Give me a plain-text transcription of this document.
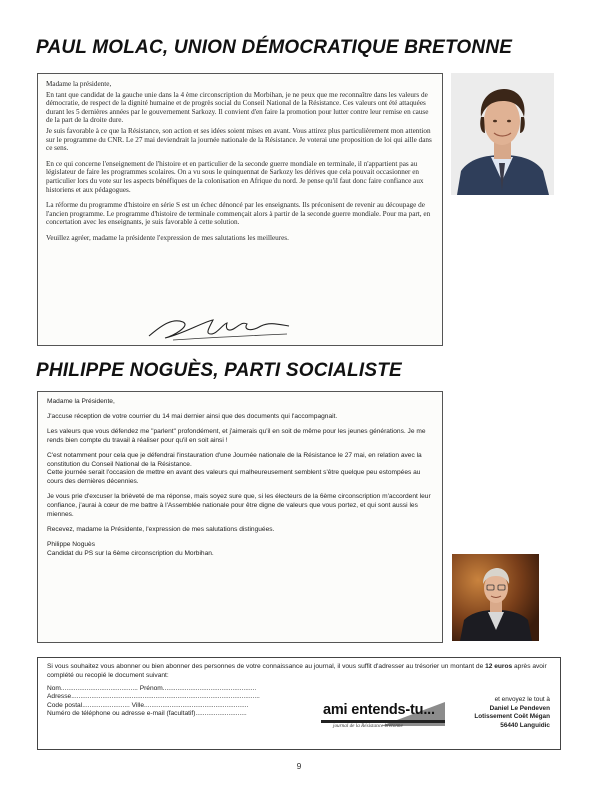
PAUL MOLAC, UNION DÉMOCRATIQUE BRETONNE

Madame la présidente,

En tant que candidat de la gauche unie dans la 4 ème circonscription du Morbihan, je ne peux que me reconnaître dans les valeurs de démocratie, de respect de la dignité humaine et de progrès social du Conseil National de la Résistance. Ces valeurs ont été attaquées durant les 5 dernières années par le gouvernement Sarkozy. Il convient d'en faire la promotion pour lutter contre leur remise en cause de la part de la droite dure.

Je suis favorable à ce que la Résistance, son action et ses idées soient mises en avant. Vous attirez plus particulièrement mon attention sur le programme du CNR. Le 27 mai deviendrait la journée nationale de la Résistance. Je voterai une proposition de loi qui aille dans ce sens.

En ce qui concerne l'enseignement de l'histoire et en particulier de la seconde guerre mondiale en terminale, il n'appartient pas au législateur de faire les programmes scolaires. On a vu sous le quinquennat de Sarkozy les dérives que cela pouvait occasionner en particulier lors du vote sur les aspects bénéfiques de la colonisation en Afrique du nord. Je pense qu'il faut donc faire confiance aux historiens et aux pédagogues.

La réforme du programme d'histoire en série S est un échec dénoncé par les enseignants. Ils préconisent de revenir au découpage de l'ancien programme. Le programme d'histoire de terminale commençait alors à partir de la seconde guerre mondiale. Pour ma part, en concertation avec les enseignants, je suis favorable à cette solution.

Veuillez agréer, madame la présidente l'expression de mes salutations les meilleures.

PHILIPPE NOGUÈS, PARTI SOCIALISTE

Madame la Présidente,

J'accuse réception de votre courrier du 14 mai dernier ainsi que des documents qui l'accompagnait.

Les valeurs que vous défendez me "parlent" profondément, et j'aimerais qu'il en soit de même pour les jeunes générations. Je me rends bien compte du travail à réaliser pour qu'il en soit ainsi !

C'est notamment pour cela que je défendrai l'instauration d'une Journée nationale de la Résistance le 27 mai, en relation avec la constitution du Conseil National de la Résistance.

Cette journée serait l'occasion de mettre en avant des valeurs qui malheureusement semblent s'être quelque peu estompées au cours des dernières décennies.

Je vous prie d'excuser la brièveté de ma réponse, mais soyez sure que, si les électeurs de la 6ème circonscription m'accordent leur confiance, j'aurai à cœur de me battre à l'Assemblée nationale pour être digne de valeurs que vous portez, et qui sont aussi les miennes.

Recevez, madame la Présidente, l'expression de mes salutations distinguées.

Philippe Noguès

Candidat du PS sur la 6ème circonscription du Morbihan.

Si vous souhaitez vous abonner ou bien abonner des personnes de votre connaissance au journal, il vous suffit d'adresser au trésorier un montant de 12 euros après avoir complété ou recopié le document suivant:
Nom.......................................... Prénom...................................................
Adresse.......................................................................................................
Code postal.......................... Ville.........................................................
Numéro de téléphone ou adresse e-mail (facultatif)............................	ami entends-tu...
journal de la Résistance bretonne
et envoyez le tout à
Daniel Le Pendeven
Lotissement Coët Mégan
56440 Languidic
9
